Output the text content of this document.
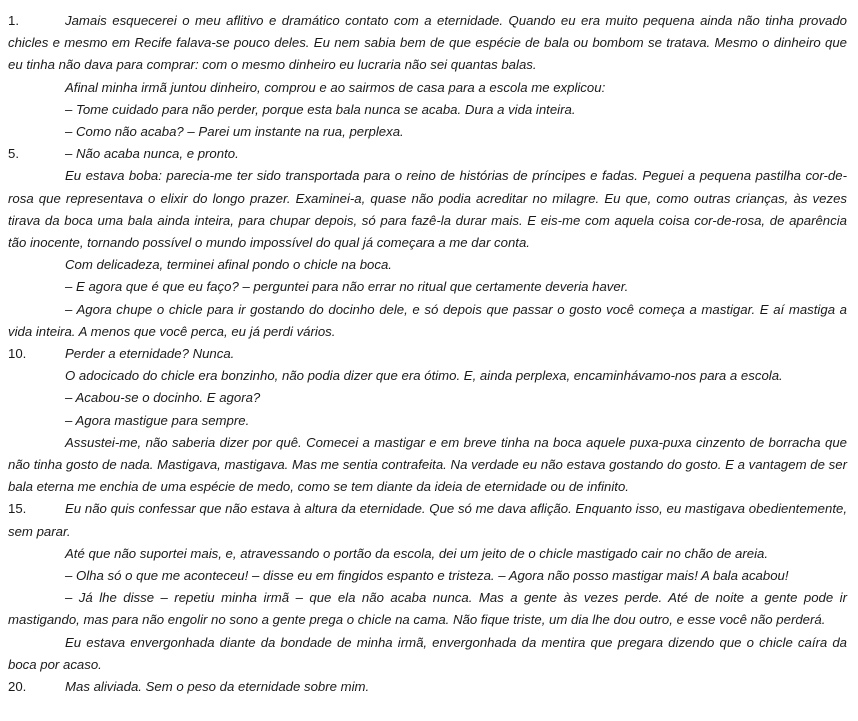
1.	Jamais esquecerei o meu aflitivo e dramático contato com a eternidade. Quando eu era muito pequena ainda não tinha provado chicles e mesmo em Recife falava-se pouco deles. Eu nem sabia bem de que espécie de bala ou bombom se tratava. Mesmo o dinheiro que eu tinha não dava para comprar: com o mesmo dinheiro eu lucraria não sei quantas balas.

Afinal minha irmã juntou dinheiro, comprou e ao sairmos de casa para a escola me explicou:

– Tome cuidado para não perder, porque esta bala nunca se acaba. Dura a vida inteira.

– Como não acaba? – Parei um instante na rua, perplexa.

5.	– Não acaba nunca, e pronto.

Eu estava boba: parecia-me ter sido transportada para o reino de histórias de príncipes e fadas. Peguei a pequena pastilha cor-de-rosa que representava o elixir do longo prazer. Examinei-a, quase não podia acreditar no milagre. Eu que, como outras crianças, às vezes tirava da boca uma bala ainda inteira, para chupar depois, só para fazê-la durar mais. E eis-me com aquela coisa cor-de-rosa, de aparência tão inocente, tornando possível o mundo impossível do qual já começara a me dar conta.

Com delicadeza, terminei afinal pondo o chicle na boca.

– E agora que é que eu faço? – perguntei para não errar no ritual que certamente deveria haver.

– Agora chupe o chicle para ir gostando do docinho dele, e só depois que passar o gosto você começa a mastigar. E aí mastiga a vida inteira. A menos que você perca, eu já perdi vários.

10.	Perder a eternidade? Nunca.

O adocicado do chicle era bonzinho, não podia dizer que era ótimo. E, ainda perplexa, encaminhávamo-nos para a escola.

– Acabou-se o docinho. E agora?

– Agora mastigue para sempre.

Assustei-me, não saberia dizer por quê. Comecei a mastigar e em breve tinha na boca aquele puxa-puxa cinzento de borracha que não tinha gosto de nada. Mastigava, mastigava. Mas me sentia contrafeita. Na verdade eu não estava gostando do gosto. E a vantagem de ser bala eterna me enchia de uma espécie de medo, como se tem diante da ideia de eternidade ou de infinito.

15.	Eu não quis confessar que não estava à altura da eternidade. Que só me dava aflição. Enquanto isso, eu mastigava obedientemente, sem parar.

Até que não suportei mais, e, atravessando o portão da escola, dei um jeito de o chicle mastigado cair no chão de areia.

– Olha só o que me aconteceu! – disse eu em fingidos espanto e tristeza. – Agora não posso mastigar mais! A bala acabou!

– Já lhe disse – repetiu minha irmã – que ela não acaba nunca. Mas a gente às vezes perde. Até de noite a gente pode ir mastigando, mas para não engolir no sono a gente prega o chicle na cama. Não fique triste, um dia lhe dou outro, e esse você não perderá.

Eu estava envergonhada diante da bondade de minha irmã, envergonhada da mentira que pregara dizendo que o chicle caíra da boca por acaso.

20.	Mas aliviada. Sem o peso da eternidade sobre mim.
